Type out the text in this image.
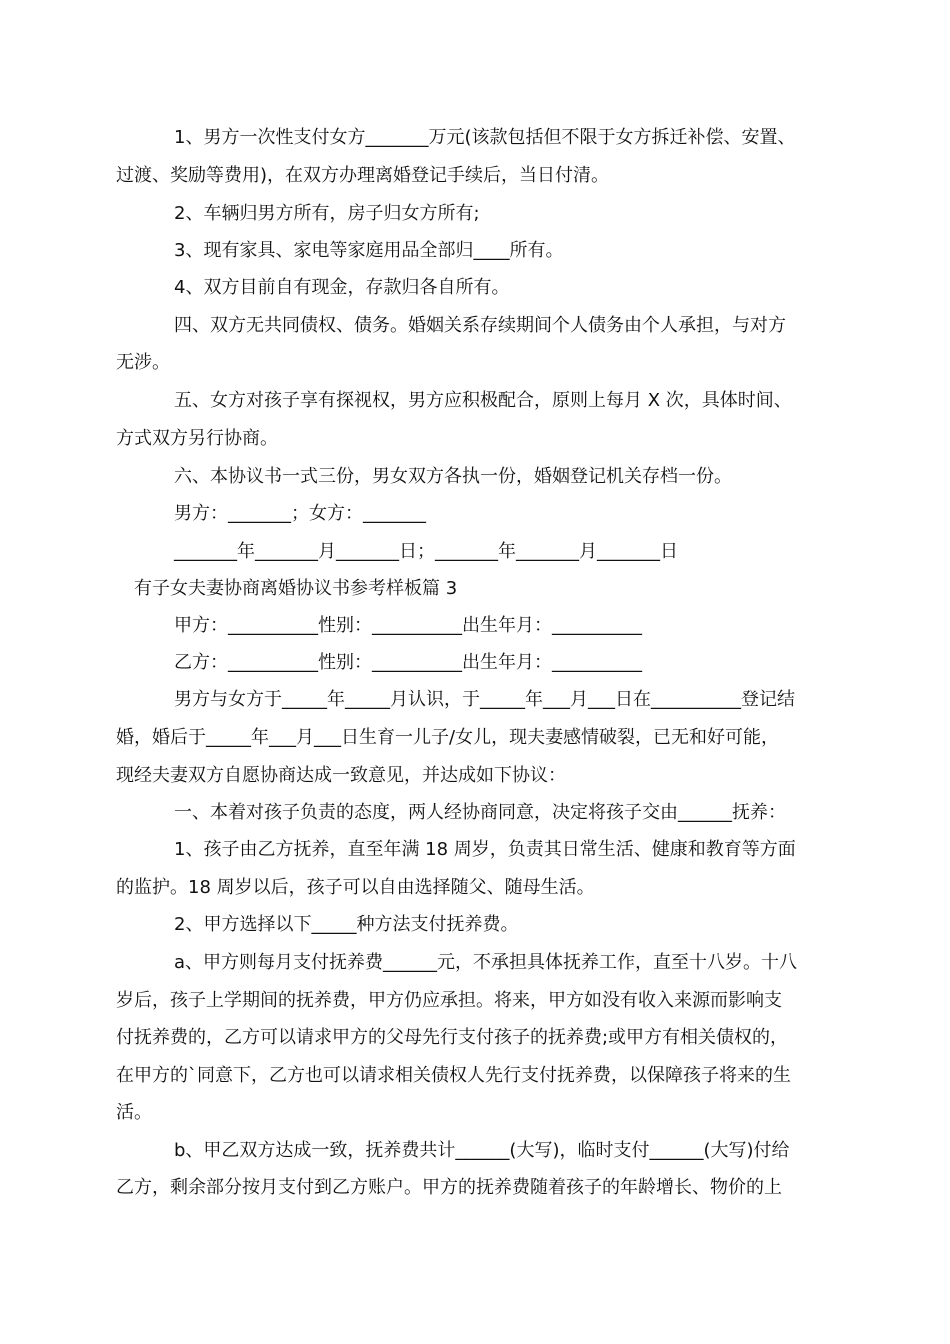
1、男方一次性支付女方_______万元(该款包括但不限于女方拆迁补偿、安置、
过渡、奖励等费用)，在双方办理离婚登记手续后，当日付清。
2、车辆归男方所有，房子归女方所有;
3、现有家具、家电等家庭用品全部归____所有。
4、双方目前自有现金，存款归各自所有。
四、双方无共同债权、债务。婚姻关系存续期间个人债务由个人承担，与对方
无涉。
五、女方对孩子享有探视权，男方应积极配合，原则上每月 X 次，具体时间、
方式双方另行协商。
六、本协议书一式三份，男女双方各执一份，婚姻登记机关存档一份。
男方：_______；女方：_______
_______年_______月_______日；_______年_______月_______日
有子女夫妻协商离婚协议书参考样板篇 3
甲方：__________性别：__________出生年月：__________
乙方：__________性别：__________出生年月：__________
男方与女方于_____年_____月认识，于_____年___月___日在__________登记结
婚，婚后于_____年___月___日生育一儿子/女儿，现夫妻感情破裂，已无和好可能，
现经夫妻双方自愿协商达成一致意见，并达成如下协议：
一、本着对孩子负责的态度，两人经协商同意，决定将孩子交由______抚养：
1、孩子由乙方抚养，直至年满 18 周岁，负责其日常生活、健康和教育等方面
的监护。18 周岁以后，孩子可以自由选择随父、随母生活。
2、甲方选择以下_____种方法支付抚养费。
a、甲方则每月支付抚养费______元，不承担具体抚养工作，直至十八岁。十八
岁后，孩子上学期间的抚养费，甲方仍应承担。将来，甲方如没有收入来源而影响支
付抚养费的，乙方可以请求甲方的父母先行支付孩子的抚养费;或甲方有相关债权的，
在甲方的`同意下，乙方也可以请求相关债权人先行支付抚养费，以保障孩子将来的生
活。
b、甲乙双方达成一致，抚养费共计______(大写)，临时支付______(大写)付给
乙方，剩余部分按月支付到乙方账户。甲方的抚养费随着孩子的年龄增长、物价的上
